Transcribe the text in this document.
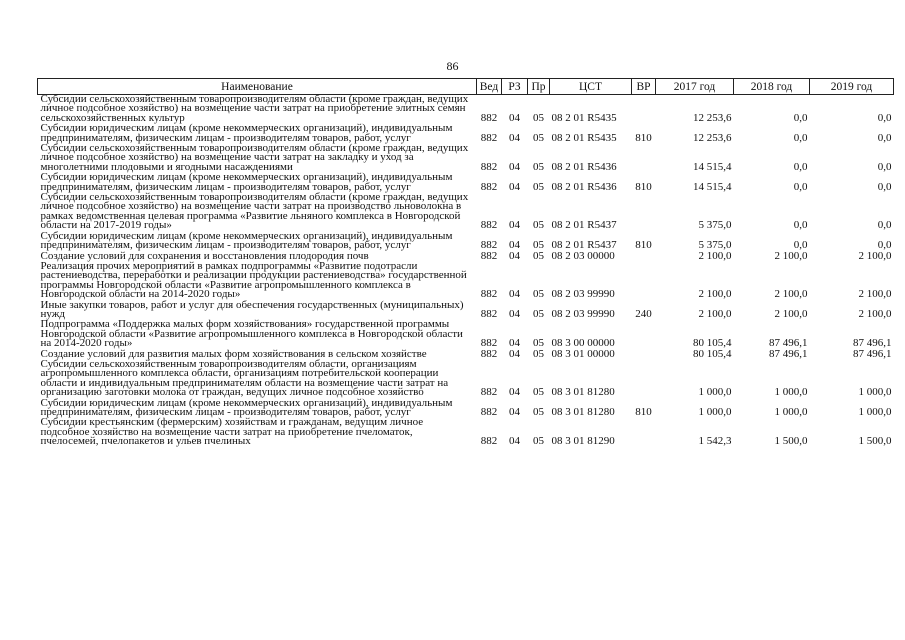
86
Наименование	Вед	РЗ	Пр	ЦСТ	ВР	2017 год	2018 год	2019 год
Субсидии сельскохозяйственным товаропроизводителям области (кроме граждан, ведущих личное подсобное хозяйство) на возмещение части затрат на приобретение элитных семян сельскохозяйственных культур	882	04	05	08 2 01 R5435		12 253,6	0,0	0,0
Субсидии юридическим лицам (кроме некоммерческих организаций), индивидуальным предпринимателям, физическим лицам - производителям товаров, работ, услуг	882	04	05	08 2 01 R5435	810	12 253,6	0,0	0,0
Субсидии сельскохозяйственным товаропроизводителям области (кроме граждан, ведущих личное подсобное хозяйство) на возмещение части затрат на закладку и уход за многолетними плодовыми и ягодными насаждениями	882	04	05	08 2 01 R5436		14 515,4	0,0	0,0
Субсидии юридическим лицам (кроме некоммерческих организаций), индивидуальным предпринимателям, физическим лицам - производителям товаров, работ, услуг	882	04	05	08 2 01 R5436	810	14 515,4	0,0	0,0
Субсидии сельскохозяйственным товаропроизводителям области (кроме граждан, ведущих личное подсобное хозяйство) на возмещение части затрат на производство льноволокна в рамках ведомственная целевая программа «Развитие льняного комплекса в Новгородской области на 2017-2019 годы»	882	04	05	08 2 01 R5437		5 375,0	0,0	0,0
Субсидии юридическим лицам (кроме некоммерческих организаций), индивидуальным предпринимателям, физическим лицам - производителям товаров, работ, услуг	882	04	05	08 2 01 R5437	810	5 375,0	0,0	0,0
Создание условий для сохранения и восстановления плодородия почв	882	04	05	08 2 03 00000		2 100,0	2 100,0	2 100,0
Реализация прочих мероприятий в рамках подпрограммы «Развитие подотрасли растениеводства, переработки и реализации продукции растениеводства» государственной программы Новгородской области «Развитие агропромышленного комплекса в Новгородской области на 2014-2020 годы»	882	04	05	08 2 03 99990		2 100,0	2 100,0	2 100,0
Иные закупки товаров, работ и услуг для обеспечения государственных (муниципальных) нужд	882	04	05	08 2 03 99990	240	2 100,0	2 100,0	2 100,0
Подпрограмма «Поддержка малых форм хозяйствования» государственной программы Новгородской области «Развитие агропромышленного комплекса в Новгородской области на 2014-2020 годы»	882	04	05	08 3 00 00000		80 105,4	87 496,1	87 496,1
Создание условий для развития малых форм хозяйствования в сельском хозяйстве	882	04	05	08 3 01 00000		80 105,4	87 496,1	87 496,1
Субсидии сельскохозяйственным товаропроизводителям области, организациям агропромышленного комплекса области, организациям потребительской кооперации области и индивидуальным предпринимателям области на возмещение части затрат на организацию заготовки молока от граждан, ведущих личное подсобное хозяйство	882	04	05	08 3 01 81280		1 000,0	1 000,0	1 000,0
Субсидии юридическим лицам (кроме некоммерческих организаций), индивидуальным предпринимателям, физическим лицам - производителям товаров, работ, услуг	882	04	05	08 3 01 81280	810	1 000,0	1 000,0	1 000,0
Субсидии крестьянским (фермерским) хозяйствам и гражданам, ведущим личное подсобное хозяйство на возмещение части затрат на приобретение пчеломаток, пчелосемей, пчелопакетов и ульев пчелиных	882	04	05	08 3 01 81290		1 542,3	1 500,0	1 500,0
